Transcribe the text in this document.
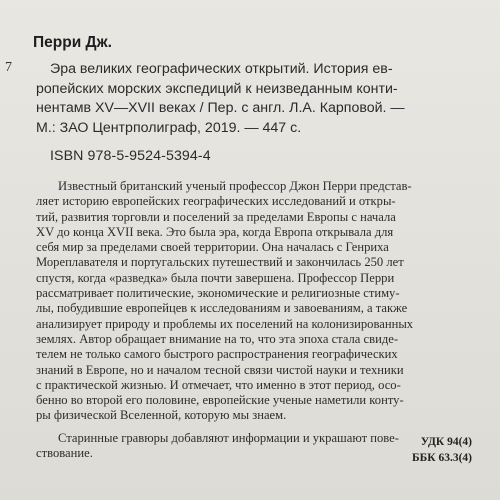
7
Перри Дж.
Эра великих географических открытий. История ев-
ропейских морских экспедиций к неизведанным конти-
нентамв XV—XVII веках / Пер. с англ. Л.А. Карповой. —
М.: ЗАО Центрполиграф, 2019. — 447 с.
ISBN 978-5-9524-5394-4
Известный британский ученый профессор Джон Перри представ-
ляет историю европейских географических исследований и откры-
тий, развития торговли и поселений за пределами Европы с начала
XV до конца XVII века. Это была эра, когда Европа открывала для
себя мир за пределами своей территории. Она началась с Генриха
Мореплавателя и португальских путешествий и закончилась 250 лет
спустя, когда «разведка» была почти завершена. Профессор Перри
рассматривает политические, экономические и религиозные стиму-
лы, побудившие европейцев к исследованиям и завоеваниям, а также
анализирует природу и проблемы их поселений на колонизированных
землях. Автор обращает внимание на то, что эта эпоха стала свиде-
телем не только самого быстрого распространения географических
знаний в Европе, но и началом тесной связи чистой науки и техники
с практической жизнью. И отмечает, что именно в этот период, осо-
бенно во второй его половине, европейские ученые наметили конту-
ры физической Вселенной, которую мы знаем.
Старинные гравюры добавляют информации и украшают пове-
ствование.
УДК 94(4)
ББК 63.3(4)
